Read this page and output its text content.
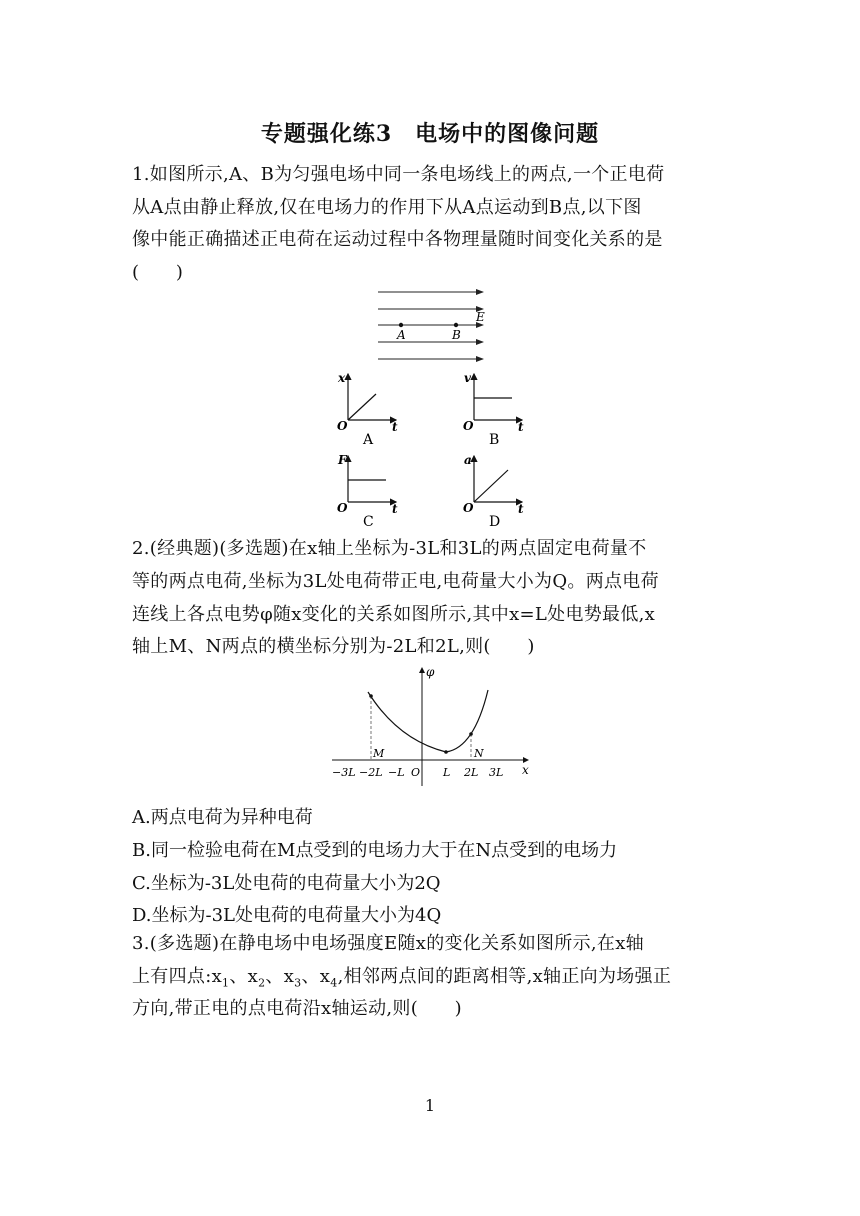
专题强化练3　电场中的图像问题
1.如图所示,A、B为匀强电场中同一条电场线上的两点,一个正电荷
从A点由静止释放,仅在电场力的作用下从A点运动到B点,以下图
像中能正确描述正电荷在运动过程中各物理量随时间变化关系的是
(　　)
A	B
E
x
O	t
A
v
O	t
B
F
O	t
C
a
O	t
D
2.(经典题)(多选题)在x轴上坐标为-3L和3L的两点固定电荷量不
等的两点电荷,坐标为3L处电荷带正电,电荷量大小为Q。两点电荷
连线上各点电势φ随x变化的关系如图所示,其中x=L处电势最低,x
轴上M、N两点的横坐标分别为-2L和2L,则(　　)
φ
x
M	N
−3L −2L −L O L 2L 3L
A.两点电荷为异种电荷
B.同一检验电荷在M点受到的电场力大于在N点受到的电场力
C.坐标为-3L处电荷的电荷量大小为2Q
D.坐标为-3L处电荷的电荷量大小为4Q
3.(多选题)在静电场中电场强度E随x的变化关系如图所示,在x轴
上有四点$:x_1$、$x_2$、$x_3$、$x_4$,相邻两点间的距离相等,x轴正向为场强正
方向,带正电的点电荷沿x轴运动,则(　　)
1
